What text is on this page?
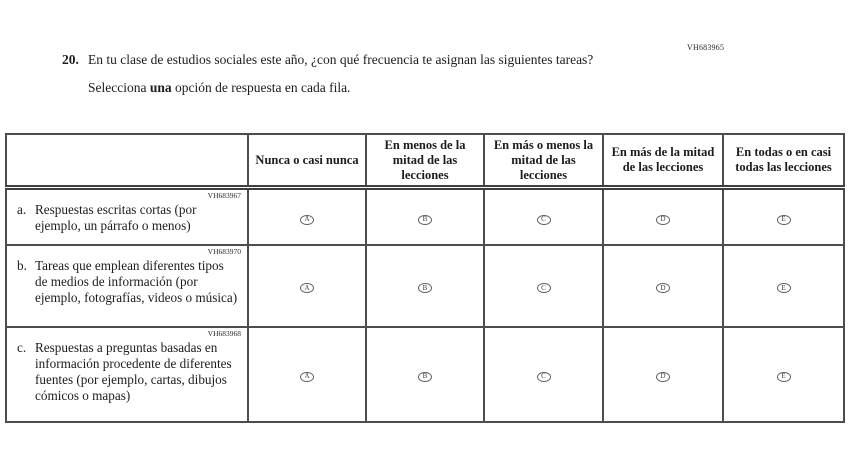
VH683965
20. En tu clase de estudios sociales este año, ¿con qué frecuencia te asignan las siguientes tareas?
Selecciona una opción de respuesta en cada fila.
	Nunca o casi nunca	En menos de la mitad de las lecciones	En más o menos la mitad de las lecciones	En más de la mitad de las lecciones	En todas o en casi todas las lecciones

VH683967
a. Respuestas escritas cortas (por ejemplo, un párrafo o menos)	A	B	C	D	E

VH683970
b. Tareas que emplean diferentes tipos de medios de información (por ejemplo, fotografías, videos o música)	A	B	C	D	E

VH683968
c. Respuestas a preguntas basadas en información procedente de diferentes fuentes (por ejemplo, cartas, dibujos cómicos o mapas)	A	B	C	D	E
